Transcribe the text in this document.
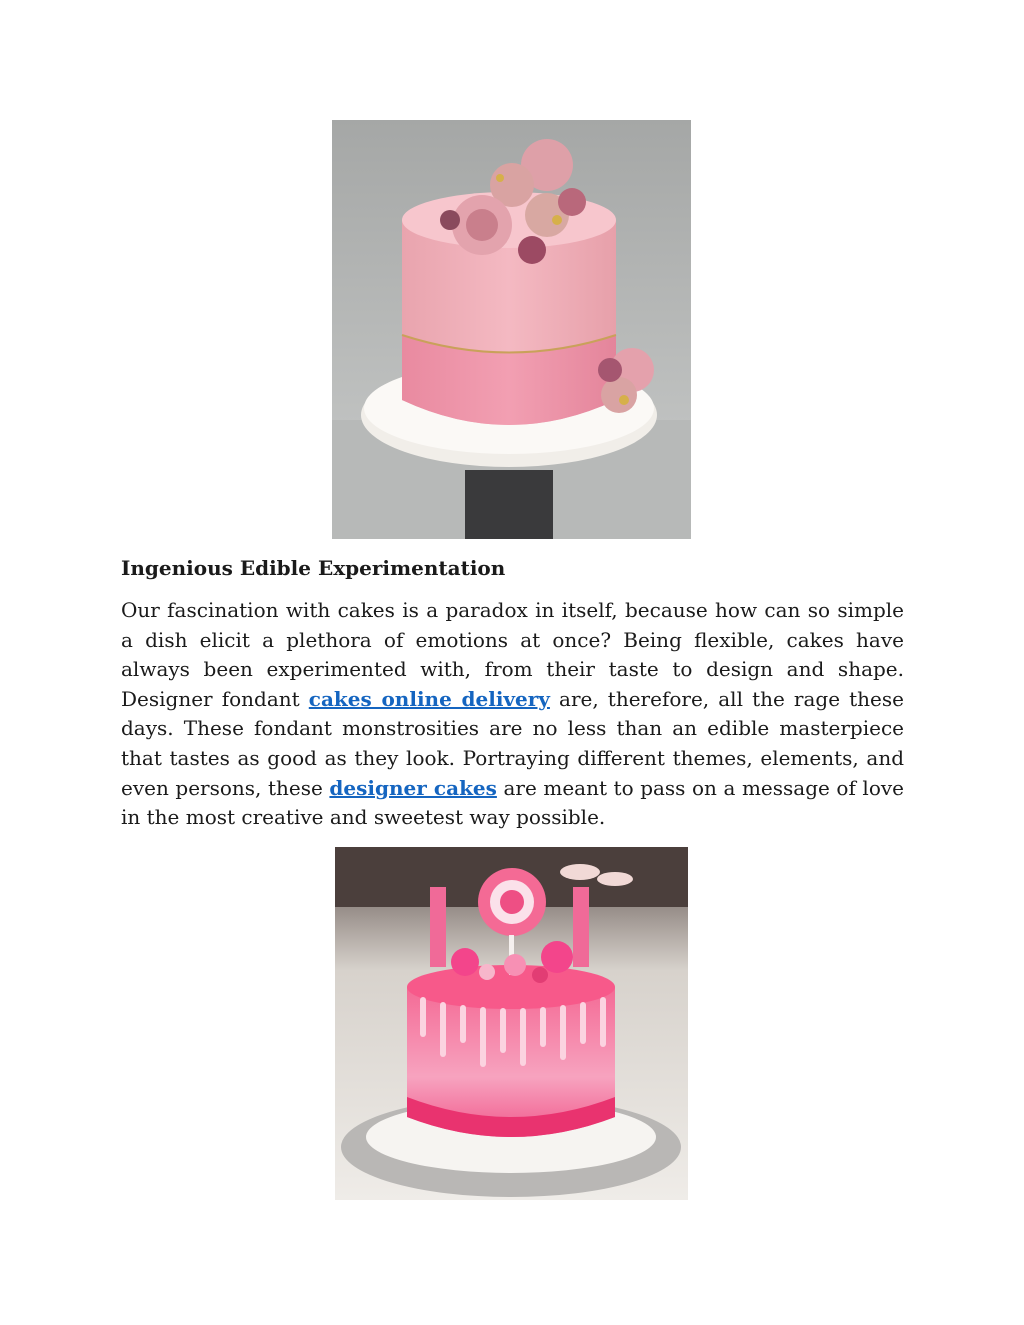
Ingenious Edible Experimentation

Our fascination with cakes is a paradox in itself, because how can so simple a dish elicit a plethora of emotions at once? Being flexible, cakes have always been experimented with, from their taste to design and shape. Designer fondant cakes online delivery are, therefore, all the rage these days. These fondant monstrosities are no less than an edible masterpiece that tastes as good as they look. Portraying different themes, elements, and even persons, these designer cakes are meant to pass on a message of love in the most creative and sweetest way possible.
